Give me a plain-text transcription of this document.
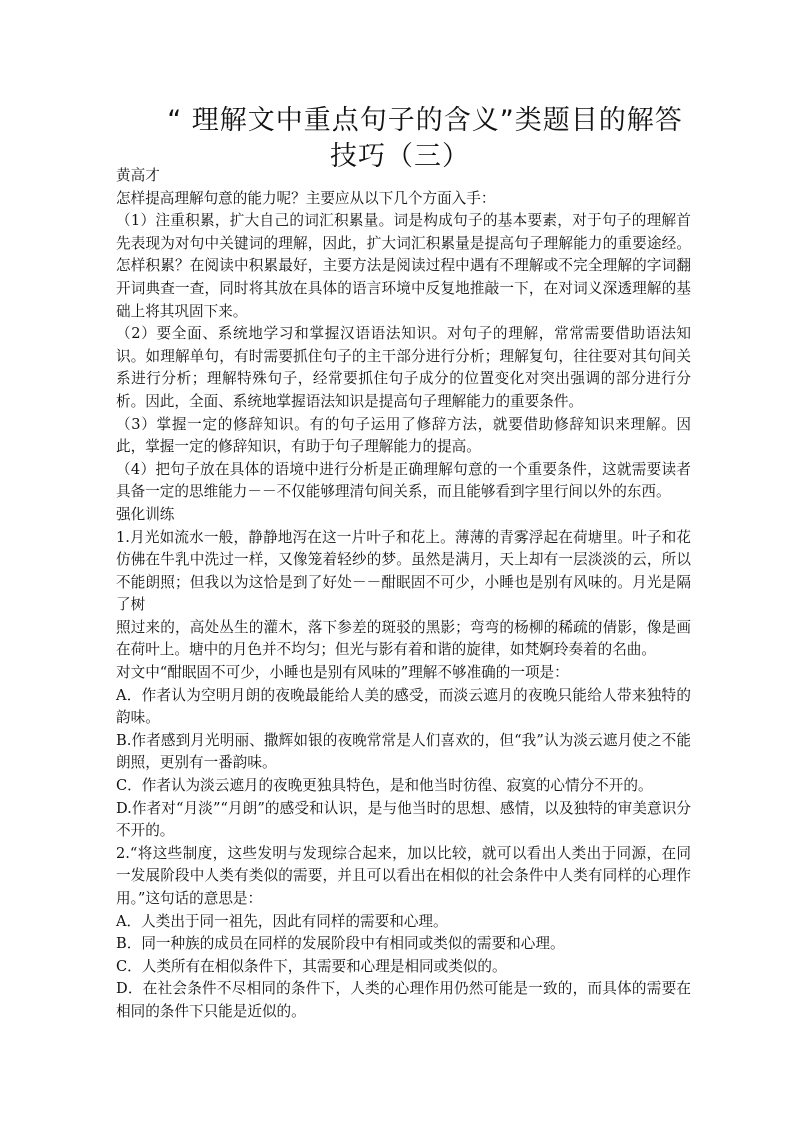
“ 理解文中重点句子的含义”类题目的解答
技巧（三）

黄高才

怎样提高理解句意的能力呢？主要应从以下几个方面入手：

（1）注重积累，扩大自己的词汇积累量。词是构成句子的基本要素，对于句子的理解首先表现为对句中关键词的理解，因此，扩大词汇积累量是提高句子理解能力的重要途经。怎样积累？在阅读中积累最好，主要方法是阅读过程中遇有不理解或不完全理解的字词翻开词典查一查，同时将其放在具体的语言环境中反复地推敲一下，在对词义深透理解的基础上将其巩固下来。

（2）要全面、系统地学习和掌握汉语语法知识。对句子的理解，常常需要借助语法知识。如理解单句，有时需要抓住句子的主干部分进行分析；理解复句，往往要对其句间关系进行分析；理解特殊句子，经常要抓住句子成分的位置变化对突出强调的部分进行分析。因此，全面、系统地掌握语法知识是提高句子理解能力的重要条件。

（3）掌握一定的修辞知识。有的句子运用了修辞方法，就要借助修辞知识来理解。因此，掌握一定的修辞知识，有助于句子理解能力的提高。

（4）把句子放在具体的语境中进行分析是正确理解句意的一个重要条件，这就需要读者具备一定的思维能力－－不仅能够理清句间关系，而且能够看到字里行间以外的东西。

强化训练

1.月光如流水一般，静静地泻在这一片叶子和花上。薄薄的青雾浮起在荷塘里。叶子和花仿佛在牛乳中洗过一样，又像笼着轻纱的梦。虽然是满月，天上却有一层淡淡的云，所以不能朗照；但我以为这恰是到了好处－－酣眠固不可少，小睡也是别有风味的。月光是隔了树

照过来的，高处丛生的灌木，落下参差的斑驳的黑影；弯弯的杨柳的稀疏的倩影，像是画在荷叶上。塘中的月色并不均匀；但光与影有着和谐的旋律，如梵婀玲奏着的名曲。

对文中“酣眠固不可少，小睡也是别有风味的”理解不够准确的一项是：

A．作者认为空明月朗的夜晚最能给人美的感受，而淡云遮月的夜晚只能给人带来独特的韵味。

B.作者感到月光明丽、撒辉如银的夜晚常常是人们喜欢的，但“我”认为淡云遮月使之不能朗照，更别有一番韵味。

C．作者认为淡云遮月的夜晚更独具特色，是和他当时彷徨、寂寞的心情分不开的。

D.作者对“月淡”“月朗”的感受和认识，是与他当时的思想、感情，以及独特的审美意识分不开的。

2.“将这些制度，这些发明与发现综合起来，加以比较，就可以看出人类出于同源，在同一发展阶段中人类有类似的需要，并且可以看出在相似的社会条件中人类有同样的心理作用。”这句话的意思是：

A．人类出于同一祖先，因此有同样的需要和心理。

B．同一种族的成员在同样的发展阶段中有相同或类似的需要和心理。

C．人类所有在相似条件下，其需要和心理是相同或类似的。

D．在社会条件不尽相同的条件下，人类的心理作用仍然可能是一致的，而具体的需要在相同的条件下只能是近似的。
